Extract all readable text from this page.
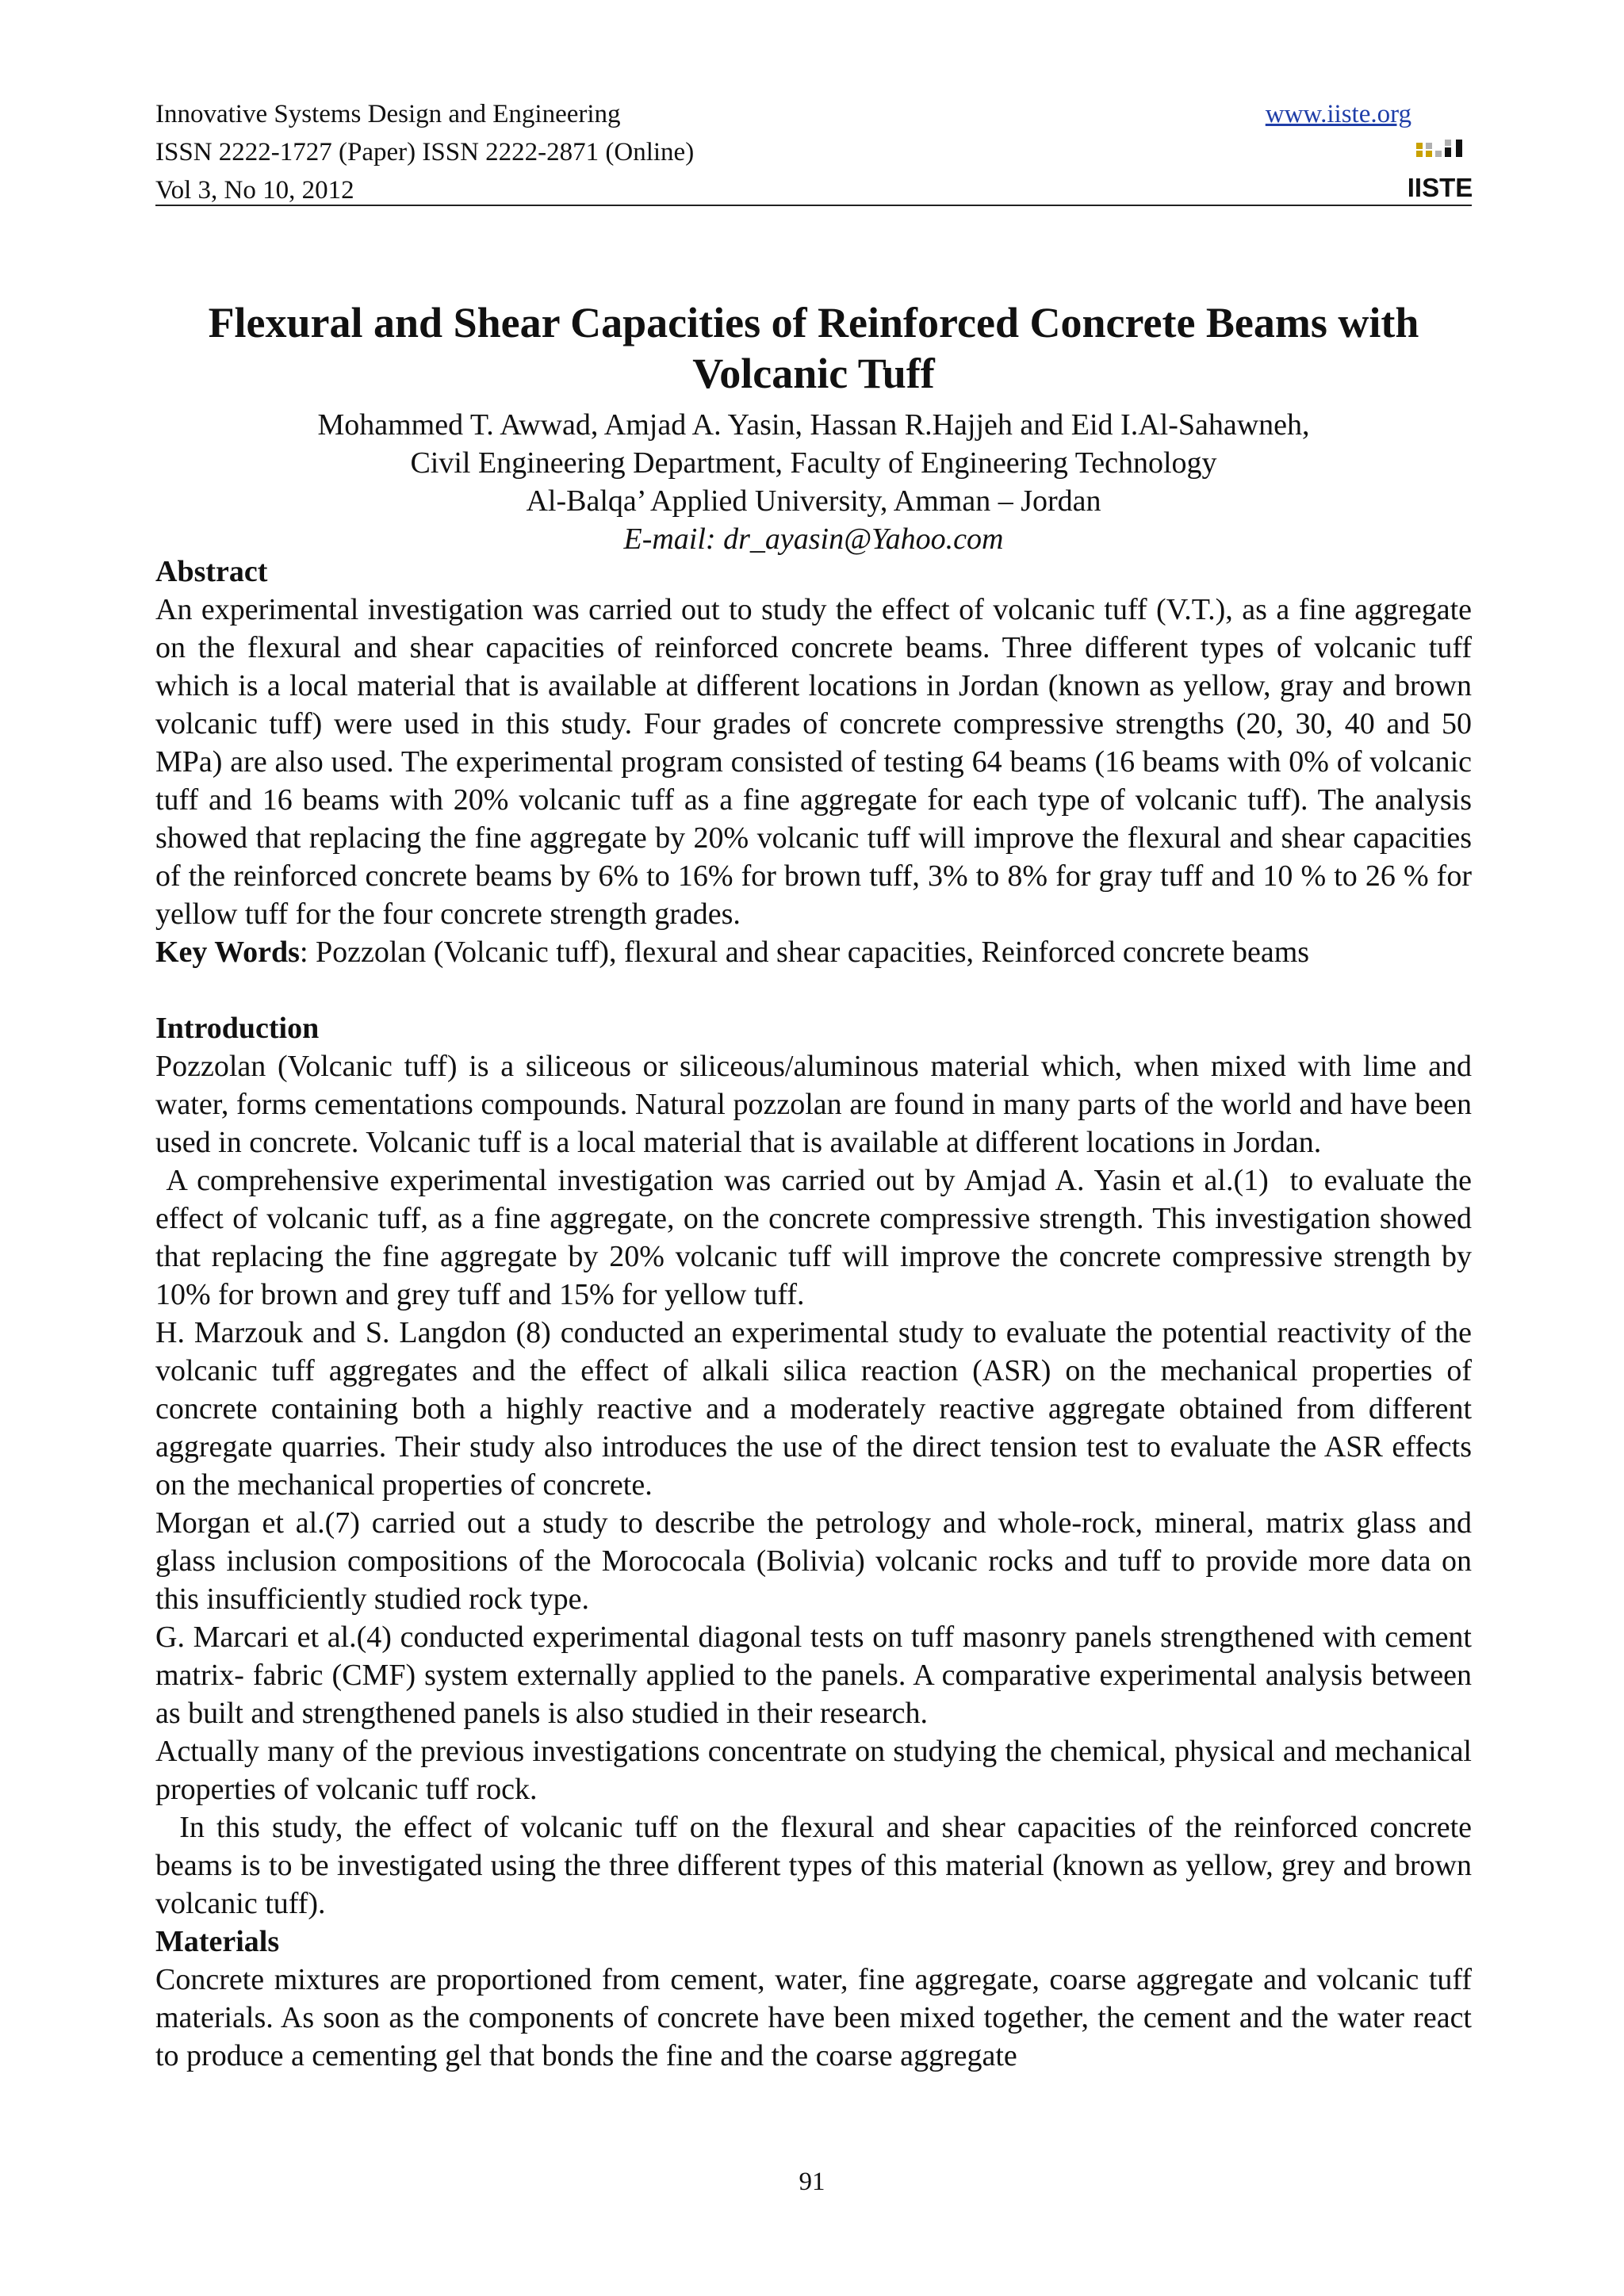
Innovative Systems Design and Engineering
ISSN 2222-1727 (Paper) ISSN 2222-2871 (Online)
Vol 3, No 10, 2012
www.iiste.org
IISTE
Flexural and Shear Capacities of Reinforced Concrete Beams with
Volcanic Tuff
Mohammed T. Awwad, Amjad A. Yasin, Hassan R.Hajjeh and Eid I.Al-Sahawneh,
Civil Engineering Department, Faculty of Engineering Technology
Al-Balqa’ Applied University, Amman – Jordan
E-mail: dr_ayasin@Yahoo.com
Abstract

An experimental investigation was carried out to study the effect of volcanic tuff (V.T.), as a fine aggregate on the flexural and shear capacities of reinforced concrete beams. Three different types of volcanic tuff which is a local material that is available at different locations in Jordan (known as yellow, gray and brown volcanic tuff) were used in this study. Four grades of concrete compressive strengths (20, 30, 40 and 50 MPa) are also used. The experimental program consisted of testing 64 beams (16 beams with 0% of volcanic tuff and 16 beams with 20% volcanic tuff as a fine aggregate for each type of volcanic tuff). The analysis showed that replacing the fine aggregate by 20% volcanic tuff will improve the flexural and shear capacities of the reinforced concrete beams by 6% to 16% for brown tuff, 3% to 8% for gray tuff and 10 % to 26 % for yellow tuff for the four concrete strength grades.

Key Words: Pozzolan (Volcanic tuff), flexural and shear capacities, Reinforced concrete beams

Introduction

Pozzolan (Volcanic tuff) is a siliceous or siliceous/aluminous material which, when mixed with lime and water, forms cementations compounds. Natural pozzolan are found in many parts of the world and have been used in concrete. Volcanic tuff is a local material that is available at different locations in Jordan.

A comprehensive experimental investigation was carried out by Amjad A. Yasin et al.(1)  to evaluate the effect of volcanic tuff, as a fine aggregate, on the concrete compressive strength. This investigation showed that replacing the fine aggregate by 20% volcanic tuff will improve the concrete compressive strength by 10% for brown and grey tuff and 15% for yellow tuff.

H. Marzouk and S. Langdon (8) conducted an experimental study to evaluate the potential reactivity of the volcanic tuff aggregates and the effect of alkali silica reaction (ASR) on the mechanical properties of concrete containing both a highly reactive and a moderately reactive aggregate obtained from different aggregate quarries. Their study also introduces the use of the direct tension test to evaluate the ASR effects on the mechanical properties of concrete.

Morgan et al.(7) carried out a study to describe the petrology and whole-rock, mineral, matrix glass and glass inclusion compositions of the Morococala (Bolivia) volcanic rocks and tuff to provide more data on this insufficiently studied rock type.

G. Marcari et al.(4) conducted experimental diagonal tests on tuff masonry panels strengthened with cement matrix- fabric (CMF) system externally applied to the panels. A comparative experimental analysis between as built and strengthened panels is also studied in their research.

Actually many of the previous investigations concentrate on studying the chemical, physical and mechanical properties of volcanic tuff rock.

In this study, the effect of volcanic tuff on the flexural and shear capacities of the reinforced concrete beams is to be investigated using the three different types of this material (known as yellow, grey and brown volcanic tuff).

Materials

Concrete mixtures are proportioned from cement, water, fine aggregate, coarse aggregate and volcanic tuff materials. As soon as the components of concrete have been mixed together, the cement and the water react to produce a cementing gel that bonds the fine and the coarse aggregate

91
